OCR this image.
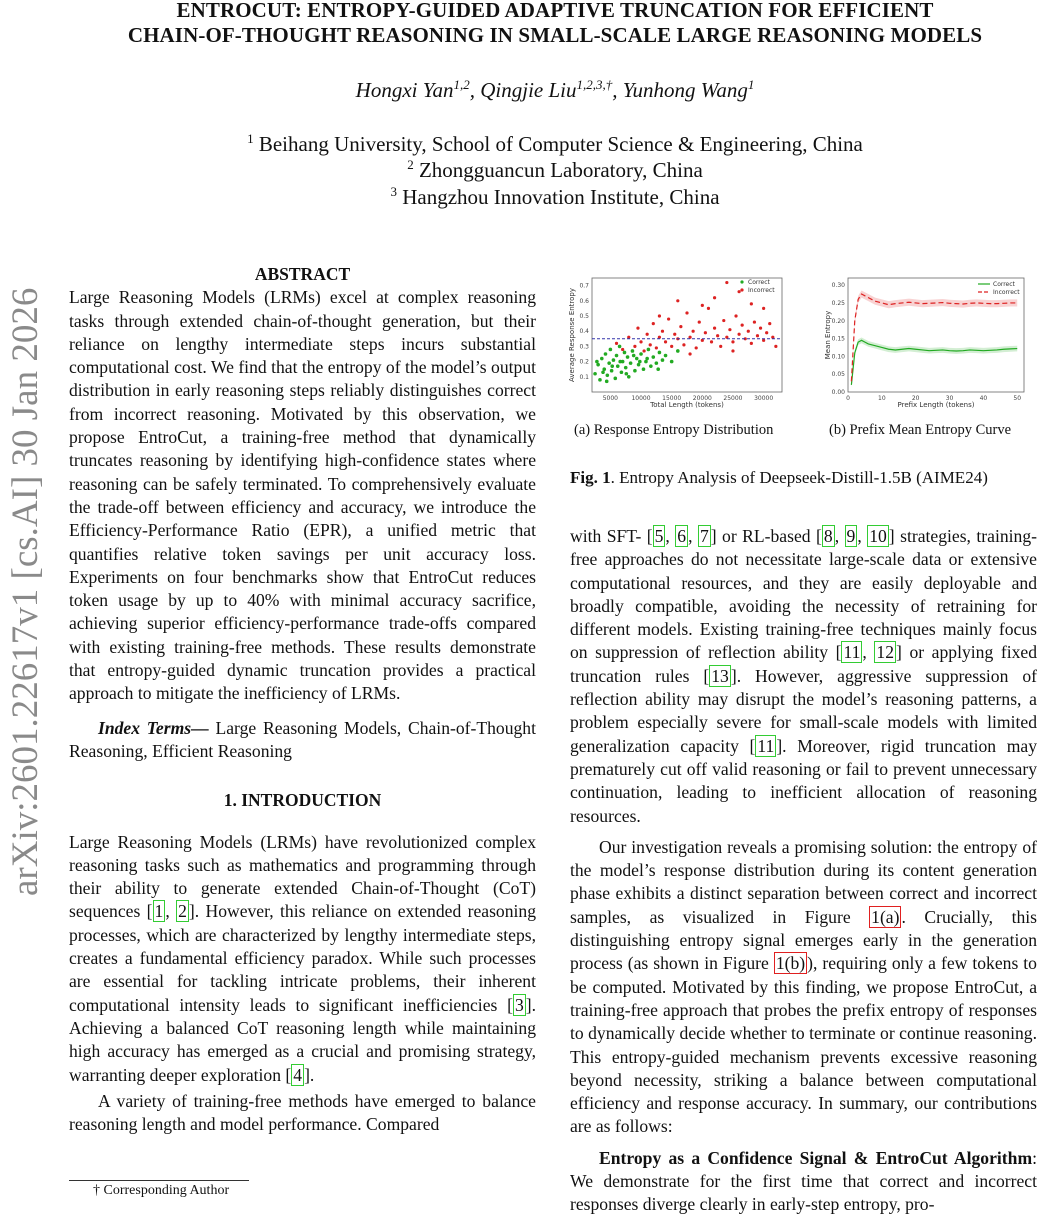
ENTROCUT: ENTROPY-GUIDED ADAPTIVE TRUNCATION FOR EFFICIENT
CHAIN-OF-THOUGHT REASONING IN SMALL-SCALE LARGE REASONING MODELS
Hongxi Yan$^{1,2}$, Qingjie Liu$^{1,2,3,\dagger}$, Yunhong Wang$^1$
$^1$ Beihang University, School of Computer Science & Engineering, China
$^2$ Zhongguancun Laboratory, China
$^3$ Hangzhou Innovation Institute, China
arXiv:2601.22617v1 [cs.AI] 30 Jan 2026

ABSTRACT

Large Reasoning Models (LRMs) excel at complex reasoning tasks through extended chain-of-thought generation, but their reliance on lengthy intermediate steps incurs substantial computational cost. We find that the entropy of the model’s output distribution in early reasoning steps reliably distinguishes correct from incorrect reasoning. Motivated by this observation, we propose EntroCut, a training-free method that dynamically truncates reasoning by identifying high-confidence states where reasoning can be safely terminated. To comprehensively evaluate the trade-off between efficiency and accuracy, we introduce the Efficiency-Performance Ratio (EPR), a unified metric that quantifies relative token savings per unit accuracy loss. Experiments on four benchmarks show that EntroCut reduces token usage by up to 40% with minimal accuracy sacrifice, achieving superior efficiency-performance trade-offs compared with existing training-free methods. These results demonstrate that entropy-guided dynamic truncation provides a practical approach to mitigate the inefficiency of LRMs.

Index Terms— Large Reasoning Models, Chain-of-Thought Reasoning, Efficient Reasoning

1. INTRODUCTION

Large Reasoning Models (LRMs) have revolutionized complex reasoning tasks such as mathematics and programming through their ability to generate extended Chain-of-Thought (CoT) sequences [ 1 , 2 ]. However, this reliance on extended reasoning processes, which are characterized by lengthy intermediate steps, creates a fundamental efficiency paradox. While such processes are essential for tackling intricate problems, their inherent computational intensity leads to significant inefficiencies [ 3 ]. Achieving a balanced CoT reasoning length while maintaining high accuracy has emerged as a crucial and promising strategy, warranting deeper exploration [ 4 ].

A variety of training-free methods have emerged to balance reasoning length and model performance. Compared

† Corresponding Author
5000 10000 15000 20000 25000 30000
0.1
0.2
0.3
0.4
0.5
0.6
0.7
Total Length (tokens)
Average Response Entropy
Correct
Incorrect
0	10	20	30	40	50
0.00
0.05
0.10
0.15
0.20
0.25
0.30
Prefix Length (tokens)
Mean Entropy
Correct
Incorrect
(a) Response Entropy Distribution	(b) Prefix Mean Entropy Curve
Fig. 1. Entropy Analysis of Deepseek-Distill-1.5B (AIME24)

with SFT- [ 5 , 6 , 7 ] or RL-based [ 8 , 9 , 10 ] strategies, training-free approaches do not necessitate large-scale data or extensive computational resources, and they are easily deployable and broadly compatible, avoiding the necessity of retraining for different models. Existing training-free techniques mainly focus on suppression of reflection ability [ 11 , 12 ] or applying fixed truncation rules [ 13 ]. However, aggressive suppression of reflection ability may disrupt the model’s reasoning patterns, a problem especially severe for small-scale models with limited generalization capacity [ 11 ]. Moreover, rigid truncation may prematurely cut off valid reasoning or fail to prevent unnecessary continuation, leading to inefficient allocation of reasoning resources.

Our investigation reveals a promising solution: the entropy of the model’s response distribution during its content generation phase exhibits a distinct separation between correct and incorrect samples, as visualized in Figure 1(a) . Crucially, this distinguishing entropy signal emerges early in the generation process (as shown in Figure 1(b) ), requiring only a few tokens to be computed. Motivated by this finding, we propose EntroCut, a training-free approach that probes the prefix entropy of responses to dynamically decide whether to terminate or continue reasoning. This entropy-guided mechanism prevents excessive reasoning beyond necessity, striking a balance between computational efficiency and response accuracy. In summary, our contributions are as follows:

Entropy as a Confidence Signal & EntroCut Algorithm: We demonstrate for the first time that correct and incorrect responses diverge clearly in early-step entropy, pro-
